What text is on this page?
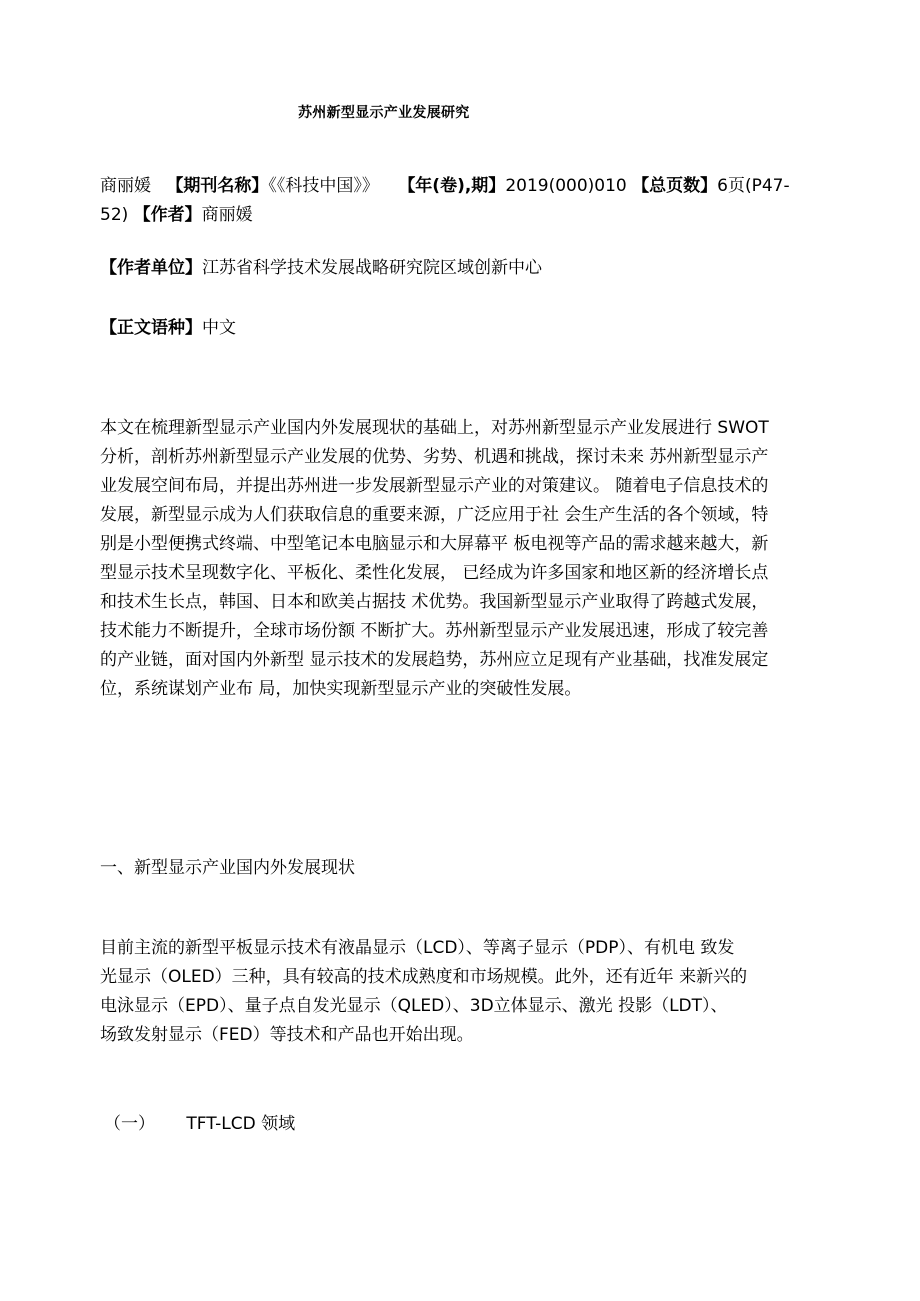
苏州新型显示产业发展研究
商丽媛 【期刊名称】《《科技中国》》 【年(卷),期】2019(000)010 【总页数】6页(P47-
52) 【作者】商丽媛
【作者单位】江苏省科学技术发展战略研究院区域创新中心
【正文语种】中文
本文在梳理新型显示产业国内外发展现状的基础上，对苏州新型显示产业发展进行 SWOT
分析，剖析苏州新型显示产业发展的优势、劣势、机遇和挑战，探讨未来 苏州新型显示产
业发展空间布局，并提出苏州进一步发展新型显示产业的对策建议。 随着电子信息技术的
发展，新型显示成为人们获取信息的重要来源，广泛应用于社 会生产生活的各个领域，特
别是小型便携式终端、中型笔记本电脑显示和大屏幕平 板电视等产品的需求越来越大，新
型显示技术呈现数字化、平板化、柔性化发展， 已经成为许多国家和地区新的经济增长点
和技术生长点，韩国、日本和欧美占据技 术优势。我国新型显示产业取得了跨越式发展，
技术能力不断提升，全球市场份额 不断扩大。苏州新型显示产业发展迅速，形成了较完善
的产业链，面对国内外新型 显示技术的发展趋势，苏州应立足现有产业基础，找准发展定
位，系统谋划产业布 局，加快实现新型显示产业的突破性发展。
一、新型显示产业国内外发展现状
目前主流的新型平板显示技术有液晶显示（LCD）、等离子显示（PDP）、有机电 致发
光显示（OLED）三种，具有较高的技术成熟度和市场规模。此外，还有近年 来新兴的
电泳显示（EPD）、量子点自发光显示（QLED）、3D立体显示、激光 投影（LDT）、
场致发射显示（FED）等技术和产品也开始出现。
（一） TFT-LCD 领域
